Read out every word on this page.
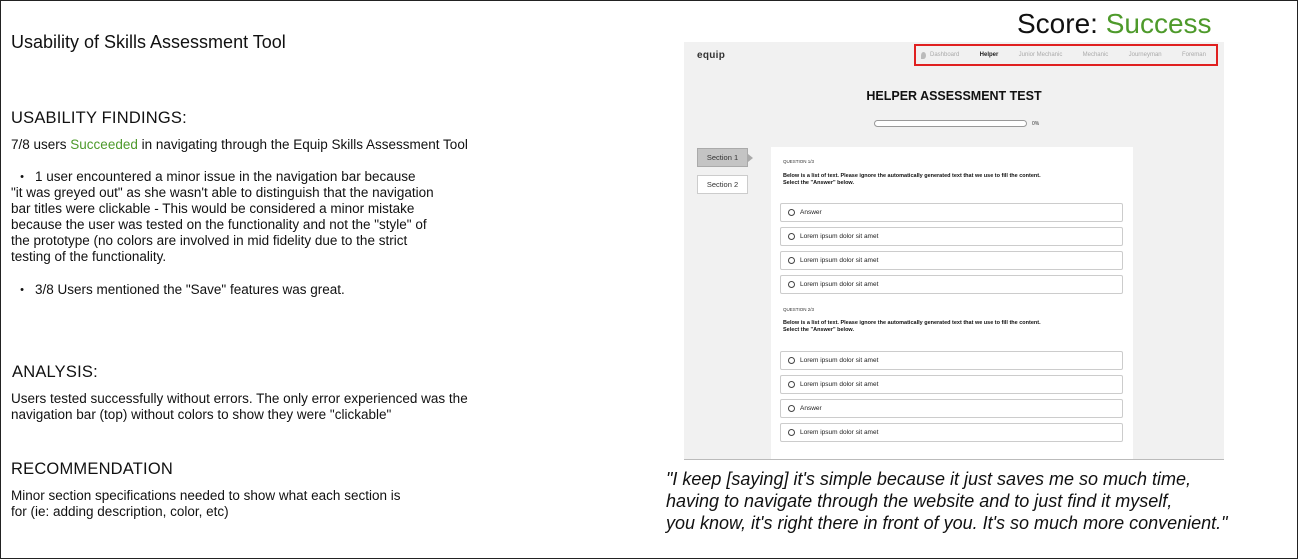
Usability of Skills Assessment Tool
Score: Success
USABILITY FINDINGS:
7/8 users Succeeded in navigating through the Equip Skills Assessment Tool
• 1 user encountered a minor issue in the navigation bar because
"it was greyed out" as she wasn't able to distinguish that the navigation
bar titles were clickable - This would be considered a minor mistake
because the user was tested on the functionality and not the "style" of
the prototype (no colors are involved in mid fidelity due to the strict
testing of the functionality.
• 3/8 Users mentioned the "Save" features was great.
ANALYSIS:
Users tested successfully without errors. The only error experienced was the
navigation bar (top) without colors to show they were "clickable"
RECOMMENDATION
Minor section specifications needed to show what each section is
for (ie: adding description, color, etc)
equip	Dashboard	Helper	Junior Mechanic	Mechanic	Journeyman	Foreman
HELPER ASSESSMENT TEST
0%
Section 1
Section 2
QUESTION 1/3
Below is a list of text. Please ignore the automatically generated text that we use to fill the content.
Select the "Answer" below.
Answer
Lorem ipsum dolor sit amet
Lorem ipsum dolor sit amet
Lorem ipsum dolor sit amet
QUESTION 2/3
Below is a list of text. Please ignore the automatically generated text that we use to fill the content.
Select the "Answer" below.
Lorem ipsum dolor sit amet
Lorem ipsum dolor sit amet
Answer
Lorem ipsum dolor sit amet
"I keep [saying] it's simple because it just saves me so much time,
having to navigate through the website and to just find it myself,
you know, it's right there in front of you. It's so much more convenient."
